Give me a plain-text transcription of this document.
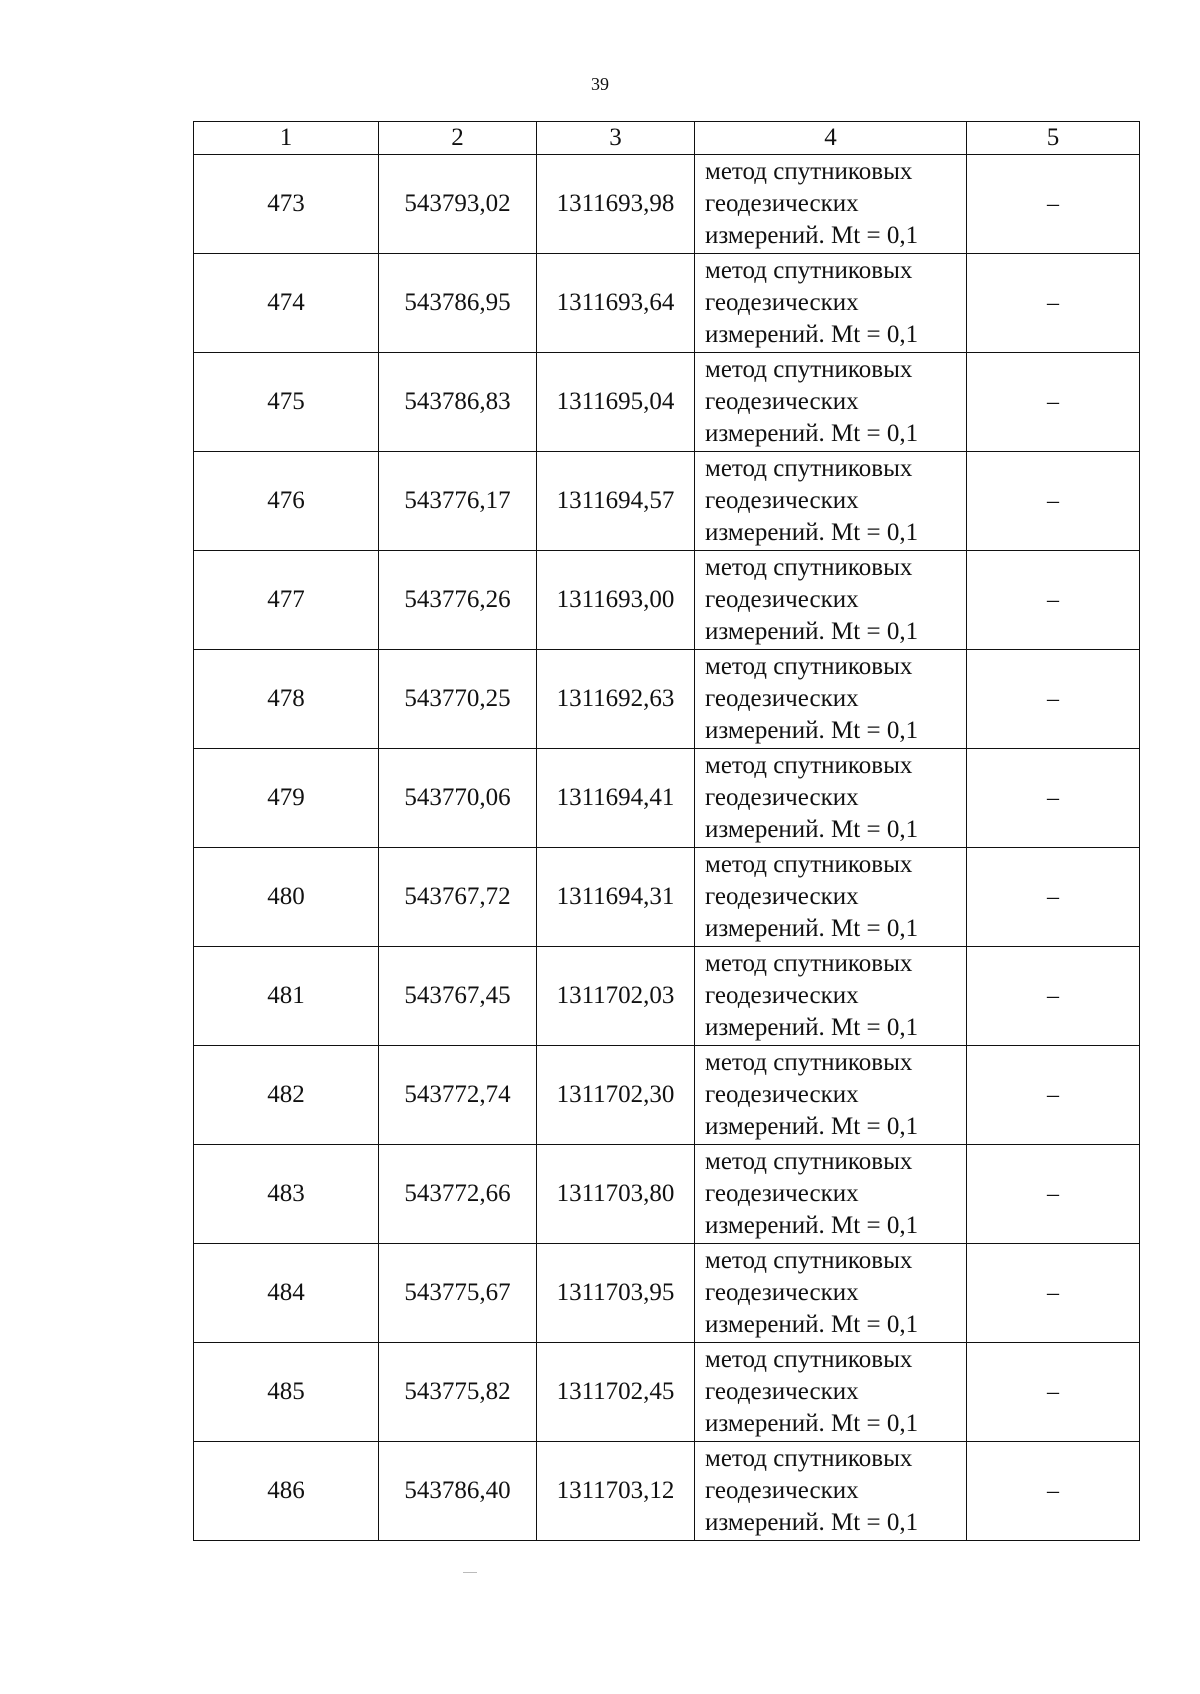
39
1	2	3	4	5
473	543793,02	1311693,98	метод спутниковых
геодезических
измерений. Mt = 0,1	–
474	543786,95	1311693,64	метод спутниковых
геодезических
измерений. Mt = 0,1	–
475	543786,83	1311695,04	метод спутниковых
геодезических
измерений. Mt = 0,1	–
476	543776,17	1311694,57	метод спутниковых
геодезических
измерений. Mt = 0,1	–
477	543776,26	1311693,00	метод спутниковых
геодезических
измерений. Mt = 0,1	–
478	543770,25	1311692,63	метод спутниковых
геодезических
измерений. Mt = 0,1	–
479	543770,06	1311694,41	метод спутниковых
геодезических
измерений. Mt = 0,1	–
480	543767,72	1311694,31	метод спутниковых
геодезических
измерений. Mt = 0,1	–
481	543767,45	1311702,03	метод спутниковых
геодезических
измерений. Mt = 0,1	–
482	543772,74	1311702,30	метод спутниковых
геодезических
измерений. Mt = 0,1	–
483	543772,66	1311703,80	метод спутниковых
геодезических
измерений. Mt = 0,1	–
484	543775,67	1311703,95	метод спутниковых
геодезических
измерений. Mt = 0,1	–
485	543775,82	1311702,45	метод спутниковых
геодезических
измерений. Mt = 0,1	–
486	543786,40	1311703,12	метод спутниковых
геодезических
измерений. Mt = 0,1	–
